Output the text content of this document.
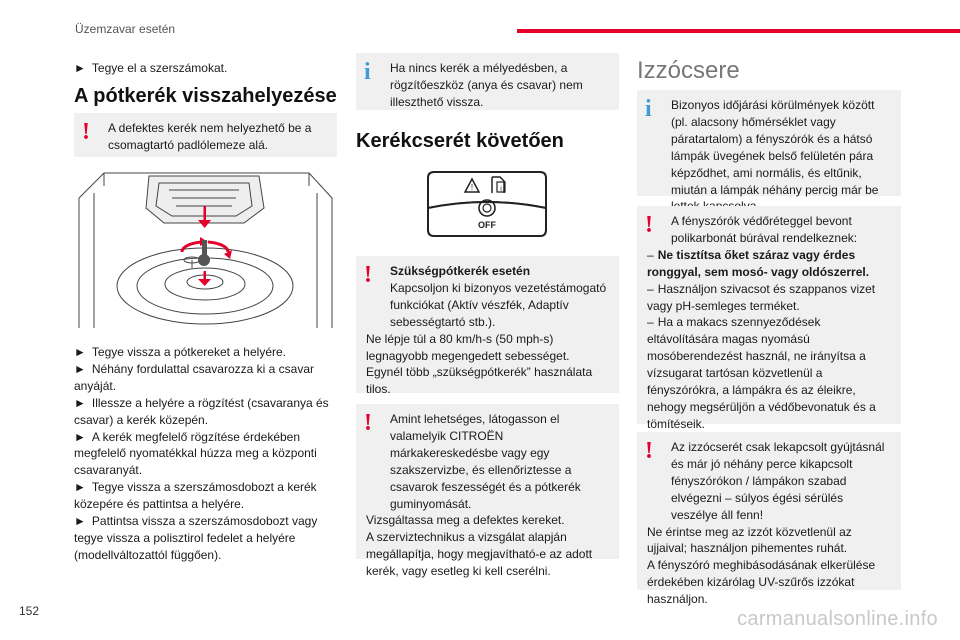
Üzemzavar esetén

► Tegye el a szerszámokat.

A pótkerék visszahelyezése
!	A defektes kerék nem helyezhető be a csomagtartó padlólemeze alá.

► Tegye vissza a pótkereket a helyére.

► Néhány fordulattal csavarozza ki a csavar anyáját.

► Illessze a helyére a rögzítést (csavaranya és csavar) a kerék közepén.

► A kerék megfelelő rögzítése érdekében megfelelő nyomatékkal húzza meg a központi csavaranyát.

► Tegye vissza a szerszámosdobozt a kerék közepére és pattintsa a helyére.

► Pattintsa vissza a szerszámosdobozt vagy tegye vissza a polisztirol fedelet a helyére (modellváltozattól függően).

i	Ha nincs kerék a mélyedésben, a rögzítőeszköz (anya és csavar) nem illeszthető vissza.
Kerékcserét követően
!	i
OFF
!	Szükségpótkerék esetén
Kapcsoljon ki bizonyos vezetéstámogató funkciókat (Aktív vészfék, Adaptív sebességtartó stb.).
Ne lépje túl a 80 km/h-s (50 mph-s) legnagyobb megengedett sebességet.
Egynél több „szükségpótkerék” használata tilos.
!	Amint lehetséges, látogasson el valamelyik CITROËN márkakereskedésbe vagy egy szakszervizbe, és ellenőriztesse a csavarok feszességét és a pótkerék guminyomását.
Vizsgáltassa meg a defektes kereket.
A szerviztechnikus a vizsgálat alapján megállapítja, hogy megjavítható-e az adott kerék, vagy esetleg ki kell cserélni.
Izzócsere
i	Bizonyos időjárási körülmények között (pl. alacsony hőmérséklet vagy páratartalom) a fényszórók és a hátsó lámpák üvegének belső felületén pára képződhet, ami normális, és eltűnik, miután a lámpák néhány percig már be
!	A fényszórók védőréteggel bevont polikarbonát búrával rendelkeznek:
– Ne tisztítsa őket száraz vagy érdes ronggyal, sem mosó- vagy oldószerrel.
– Használjon szivacsot és szappanos vizet vagy pH-semleges terméket.
– Ha a makacs szennyeződések eltávolítására magas nyomású mosóberendezést használ, ne irányítsa a vízsugarat tartósan közvetlenül a fényszórókra, a lámpákra és az éleikre, nehogy megsérüljön a védőbevonatuk és a tömítéseik.
!	Az izzócserét csak lekapcsolt gyújtásnál és már jó néhány perce kikapcsolt fényszórókon / lámpákon szabad elvégezni – súlyos égési sérülés veszélye áll fenn!
Ne érintse meg az izzót közvetlenül az ujjaival; használjon pihementes ruhát.
A fényszóró meghibásodásának elkerülése érdekében kizárólag UV-szűrős izzókat használjon.
152	carmanualsonline.info
